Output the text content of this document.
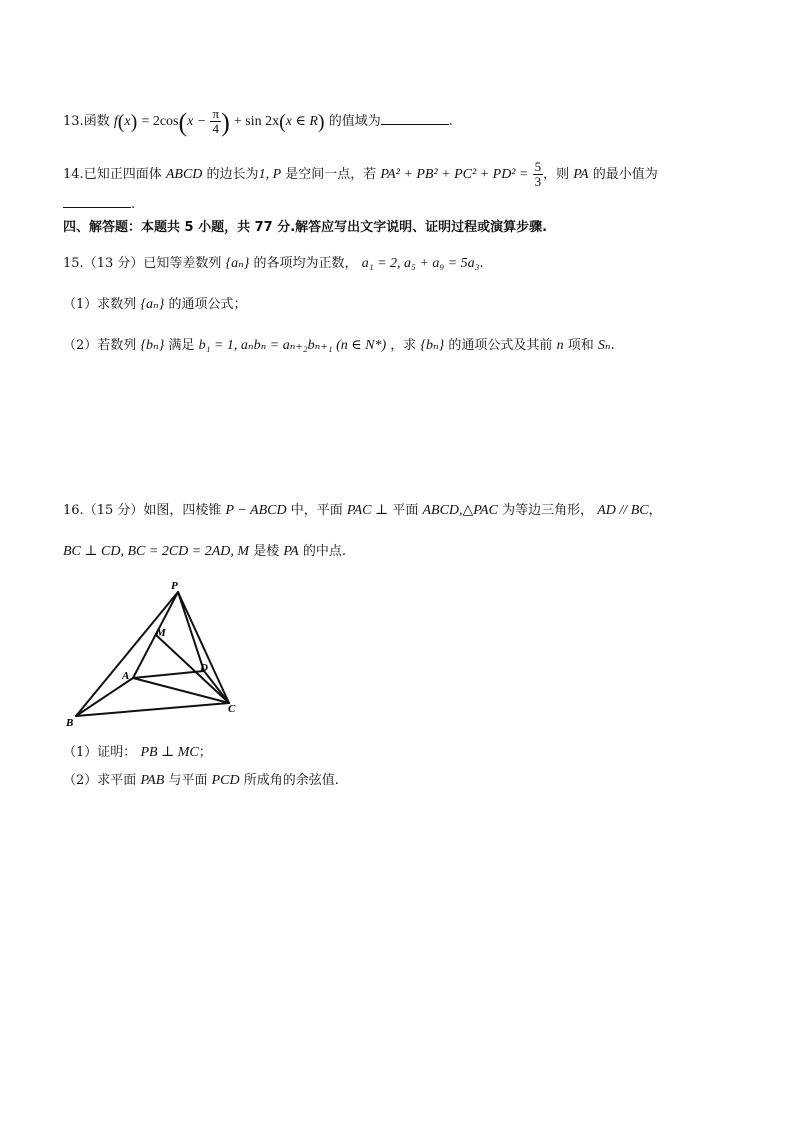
13.函数 $f(x) = 2\cos(x - \frac{\pi}{4}$ ) + sin 2x(x ∈ R) 的值域为	.
14.已知正四面体 ABCD 的边长为1, P 是空间一点，若 $PA^2 + PB^2 + PC^2 + PD^2 = \frac{5}{3}$ ，则 PA 的最小值为
.
四、解答题：本题共 5 小题，共 77 分.解答应写出文字说明、证明过程或演算步骤.
15.（13 分）已知等差数列 {aₙ} 的各项均为正数， a₁ = 2, a₅ + a₉ = 5a₃.
（1）求数列 {aₙ} 的通项公式；
（2）若数列 {bₙ} 满足 b₁ = 1, aₙbₙ = aₙ₊₂bₙ₊₁ (n ∈ N*) ，求 {bₙ} 的通项公式及其前 n 项和 Sₙ.
16.（15 分）如图，四棱锥 P − ABCD 中，平面 PAC ⊥ 平面 ABCD,△PAC 为等边三角形， AD // BC，
BC ⊥ CD, BC = 2CD = 2AD, M 是棱 PA 的中点.
P
M
A
D
B
C
（1）证明： PB ⊥ MC；
（2）求平面 PAB 与平面 PCD 所成角的余弦值.
